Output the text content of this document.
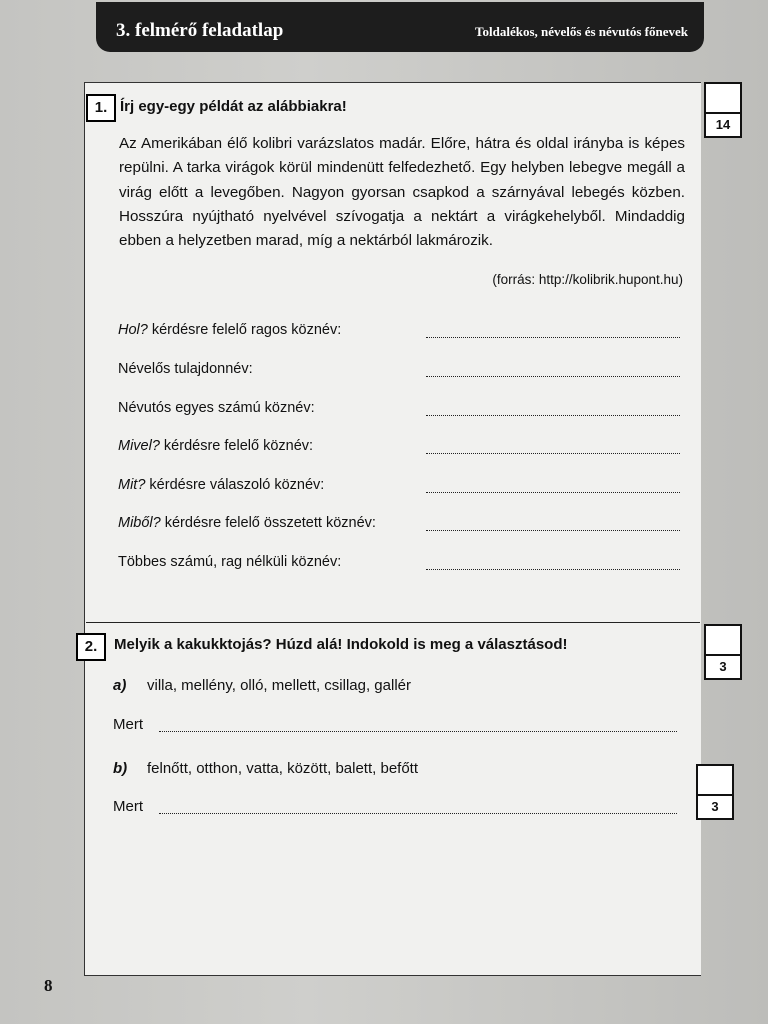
3. felmérő feladatlap	Toldalékos, névelős és névutós főnevek
1. Írj egy-egy példát az alábbiakra!
14
Az Amerikában élő kolibri varázslatos madár. Előre, hátra és oldal irányba is képes repülni. A tarka virágok körül mindenütt felfedezhető. Egy helyben lebegve megáll a virág előtt a levegőben. Nagyon gyorsan csapkod a szárnyával lebegés közben. Hosszúra nyújtható nyelvével szívogatja a nektárt a virágkehelyből. Mindaddig ebben a helyzetben marad, míg a nektárból lakmározik.
(forrás: http://kolibrik.hupont.hu)
Hol? kérdésre felelő ragos köznév:
Névelős tulajdonnév:
Névutós egyes számú köznév:
Mivel? kérdésre felelő köznév:
Mit? kérdésre válaszoló köznév:
Miből? kérdésre felelő összetett köznév:
Többes számú, rag nélküli köznév:
2.	Melyik a kakukktojás? Húzd alá! Indokold is meg a választásod!
3
3
a) villa, mellény, olló, mellett, csillag, gallér
Mert
b) felnőtt, otthon, vatta, között, balett, befőtt
Mert
8
